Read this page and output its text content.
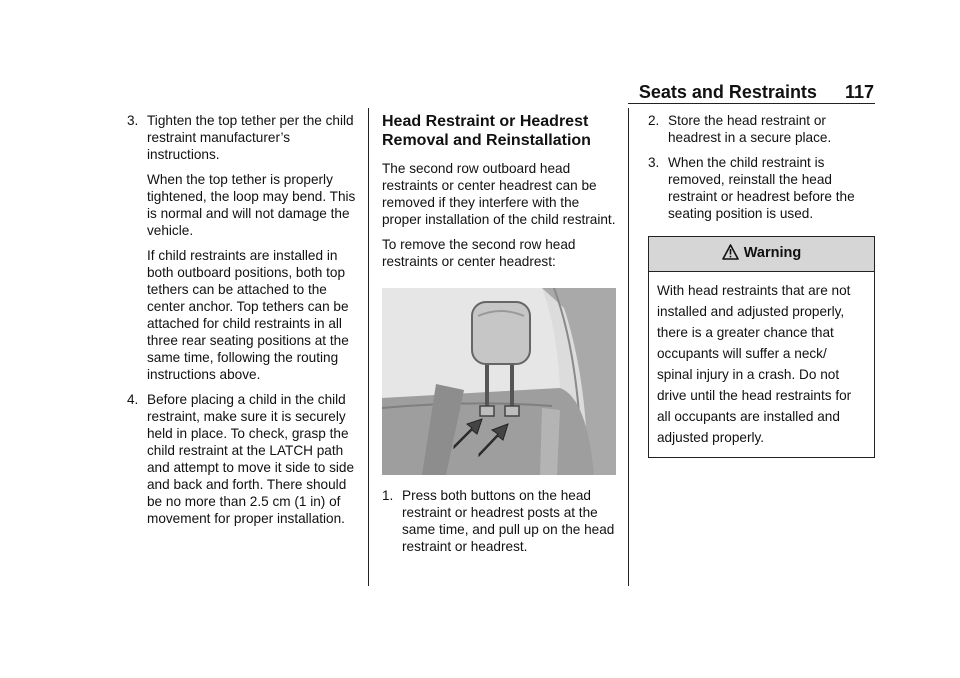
Seats and Restraints 117
3. Tighten the top tether per the child restraint manufacturer’s instructions.

When the top tether is properly tightened, the loop may bend. This is normal and will not damage the vehicle.

If child restraints are installed in both outboard positions, both top tethers can be attached to the center anchor. Top tethers can be attached for child restraints in all three rear seating positions at the same time, following the routing instructions above.

4. Before placing a child in the child restraint, make sure it is securely held in place. To check, grasp the child restraint at the LATCH path and attempt to move it side to side and back and forth. There should be no more than 2.5 cm (1 in) of movement for proper installation.

Head Restraint or Headrest Removal and Reinstallation

The second row outboard head restraints or center headrest can be removed if they interfere with the proper installation of the child restraint.

To remove the second row head restraints or center headrest:

1. Press both buttons on the head restraint or headrest posts at the same time, and pull up on the head restraint or headrest.

2. Store the head restraint or headrest in a secure place.

3. When the child restraint is removed, reinstall the head restraint or headrest before the seating position is used.

Warning
With head restraints that are not installed and adjusted properly, there is a greater chance that occupants will suffer a neck/ spinal injury in a crash. Do not drive until the head restraints for all occupants are installed and adjusted properly.
